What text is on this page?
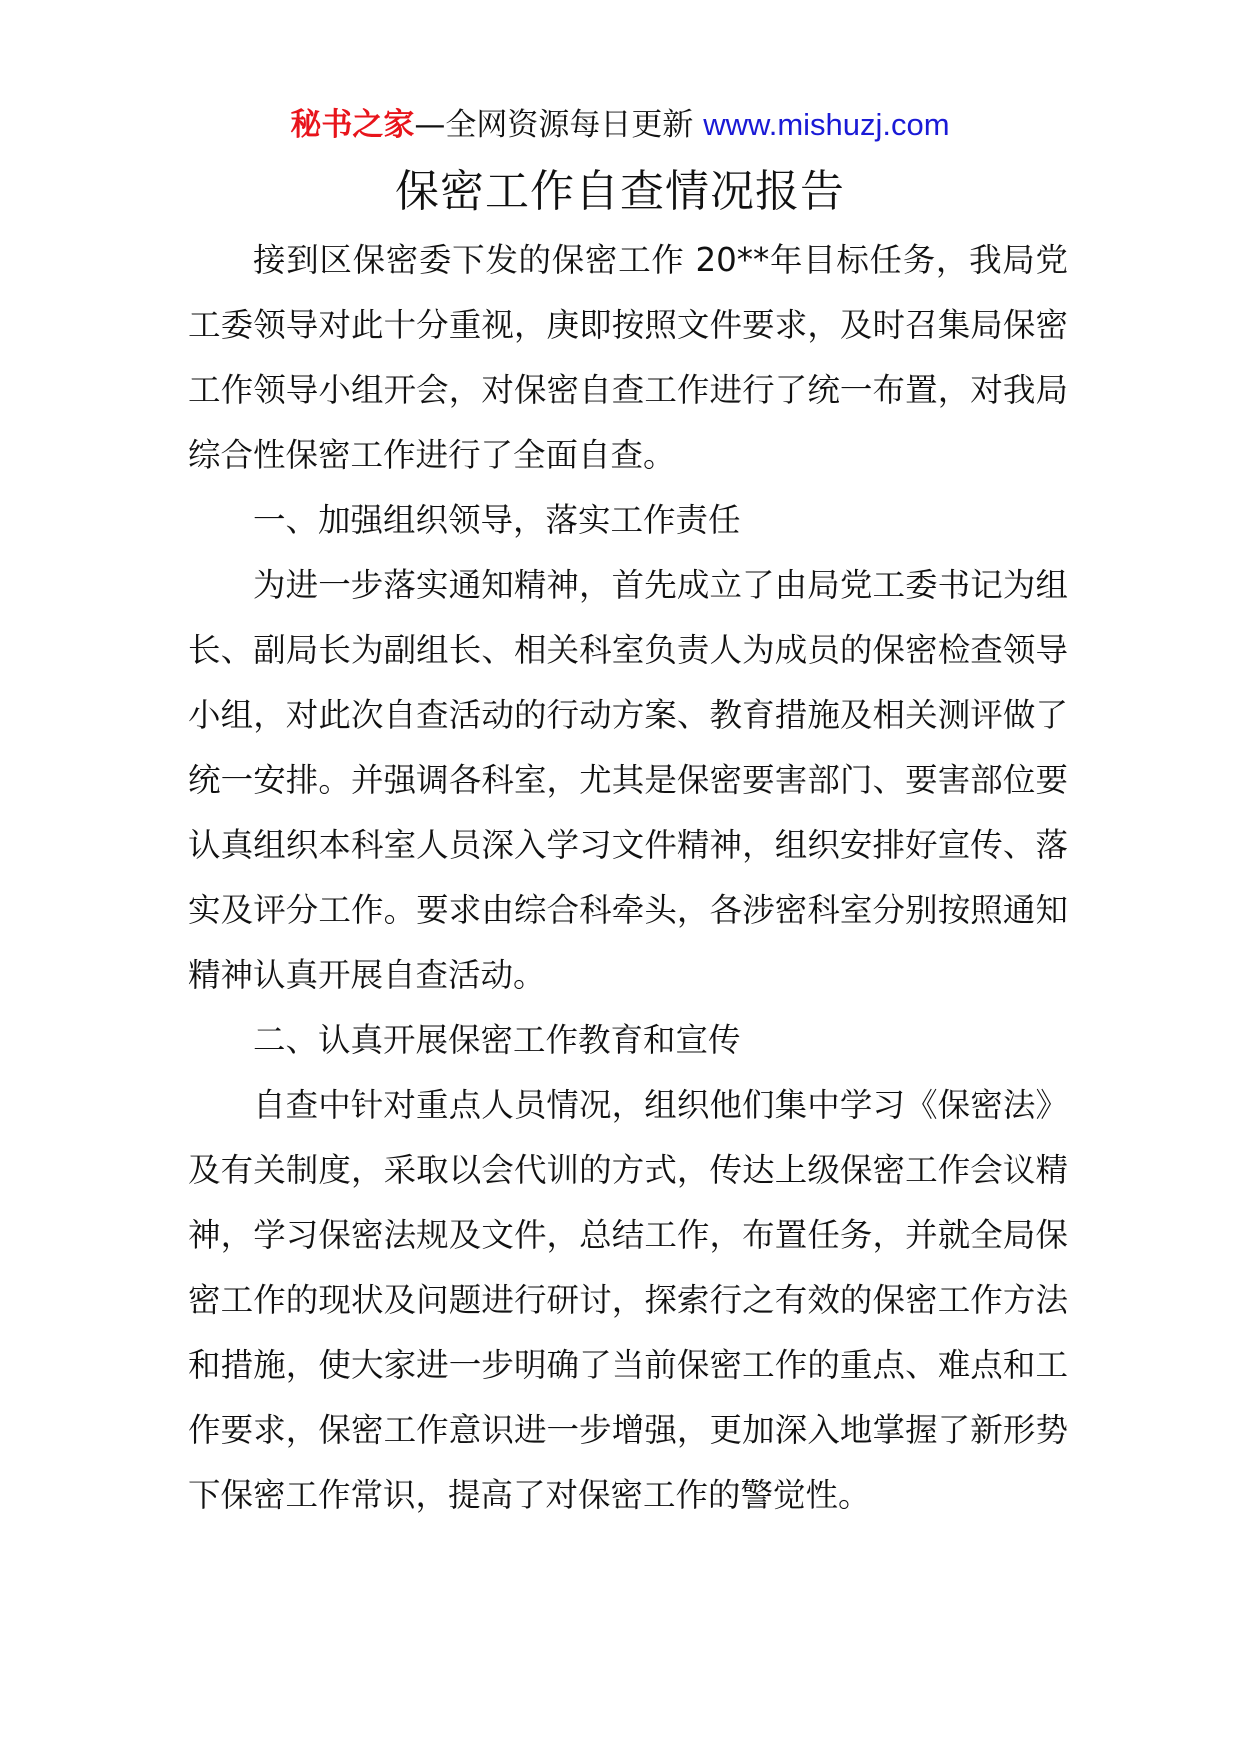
秘书之家—全网资源每日更新 www.mishuzj.com
保密工作自查情况报告

接到区保密委下发的保密工作 20**年目标任务，我局党工委领导对此十分重视，庚即按照文件要求，及时召集局保密工作领导小组开会，对保密自查工作进行了统一布置，对我局综合性保密工作进行了全面自查。

一、加强组织领导，落实工作责任

为进一步落实通知精神，首先成立了由局党工委书记为组长、副局长为副组长、相关科室负责人为成员的保密检查领导小组，对此次自查活动的行动方案、教育措施及相关测评做了统一安排。并强调各科室，尤其是保密要害部门、要害部位要认真组织本科室人员深入学习文件精神，组织安排好宣传、落实及评分工作。要求由综合科牵头，各涉密科室分别按照通知精神认真开展自查活动。

二、认真开展保密工作教育和宣传

自查中针对重点人员情况，组织他们集中学习《保密法》及有关制度，采取以会代训的方式，传达上级保密工作会议精神，学习保密法规及文件，总结工作，布置任务，并就全局保密工作的现状及问题进行研讨，探索行之有效的保密工作方法和措施，使大家进一步明确了当前保密工作的重点、难点和工作要求，保密工作意识进一步增强，更加深入地掌握了新形势下保密工作常识，提高了对保密工作的警觉性。
